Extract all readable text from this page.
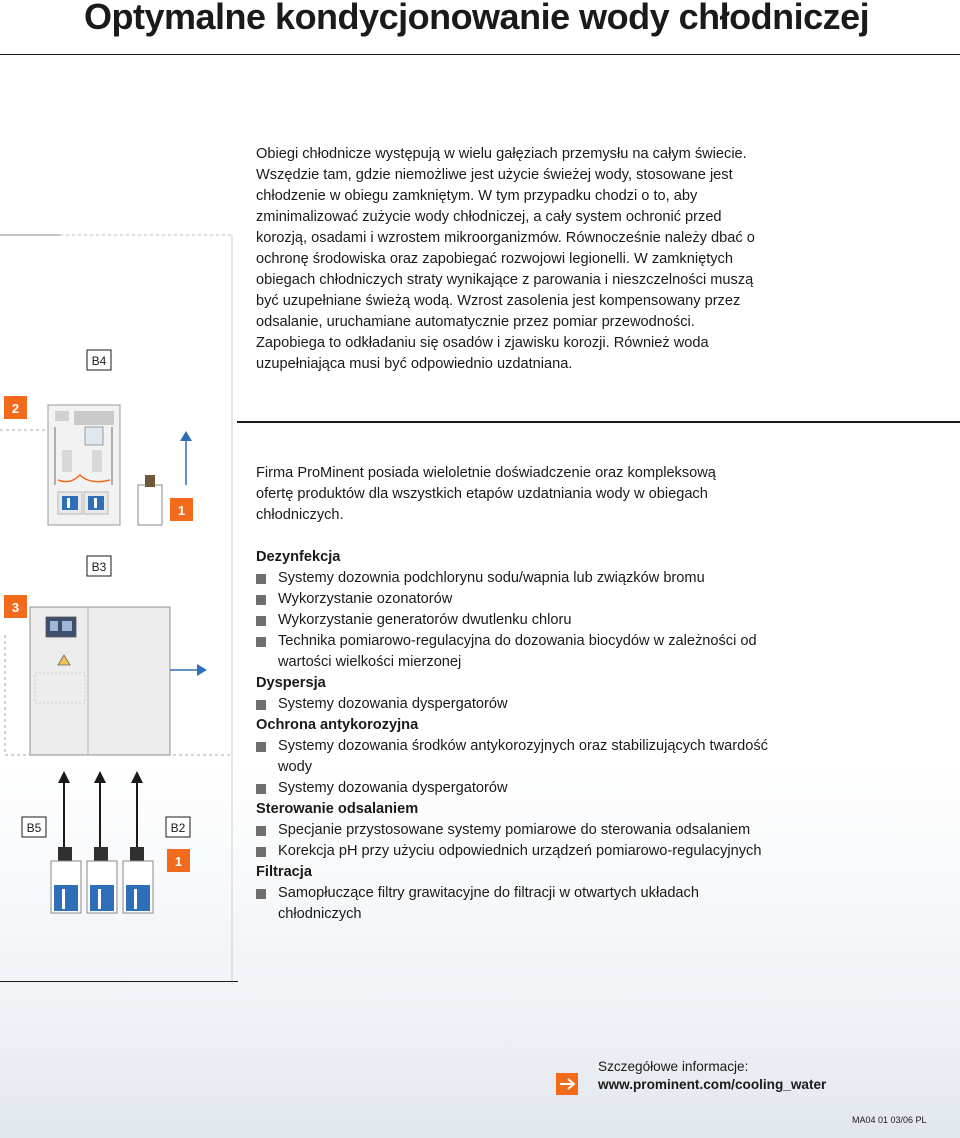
Optymalne kondycjonowanie wody chłodniczej
2
3
1
1
B4
B3
B5	B2

Obiegi chłodnicze występują w wielu gałęziach przemysłu na całym świecie. Wszędzie tam, gdzie niemożliwe jest użycie świeżej wody, stosowane jest chłodzenie w obiegu zamkniętym. W tym przypadku chodzi o to, aby zminimalizować zużycie wody chłodniczej, a cały system ochronić przed korozją, osadami i wzrostem mikroorganizmów. Równocześnie należy dbać o ochronę środowiska oraz zapobiegać rozwojowi legionelli. W zamkniętych obiegach chłodniczych straty wynikające z parowania i nieszczelności muszą być uzupełniane świeżą wodą. Wzrost zasolenia jest kompensowany przez odsalanie, uruchamiane automatycznie przez pomiar przewodności. Zapobiega to odkładaniu się osadów i zjawisku korozji. Również woda uzupełniająca musi być odpowiednio uzdatniana.

Firma ProMinent posiada wieloletnie doświadczenie oraz kompleksową ofertę produktów dla wszystkich etapów uzdatniania wody w obiegach chłodniczych.

Dezynfekcja
Systemy dozownia podchlorynu sodu/wapnia lub związków bromu
Wykorzystanie ozonatorów
Wykorzystanie generatorów dwutlenku chloru
Technika pomiarowo-regulacyjna do dozowania biocydów w zależności od wartości wielkości mierzonej
Dyspersja
Systemy dozowania dyspergatorów
Ochrona antykorozyjna
Systemy dozowania środków antykorozyjnych oraz stabilizujących twardość wody
Systemy dozowania dyspergatorów
Sterowanie odsalaniem
Specjanie przystosowane systemy pomiarowe do sterowania odsalaniem
Korekcja pH przy użyciu odpowiednich urządzeń pomiarowo-regulacyjnych
Filtracja
Samopłuczące filtry grawitacyjne do filtracji w otwartych układach chłodniczych
Szczegółowe informacje:
www.prominent.com/cooling_water
MA04 01 03/06 PL
